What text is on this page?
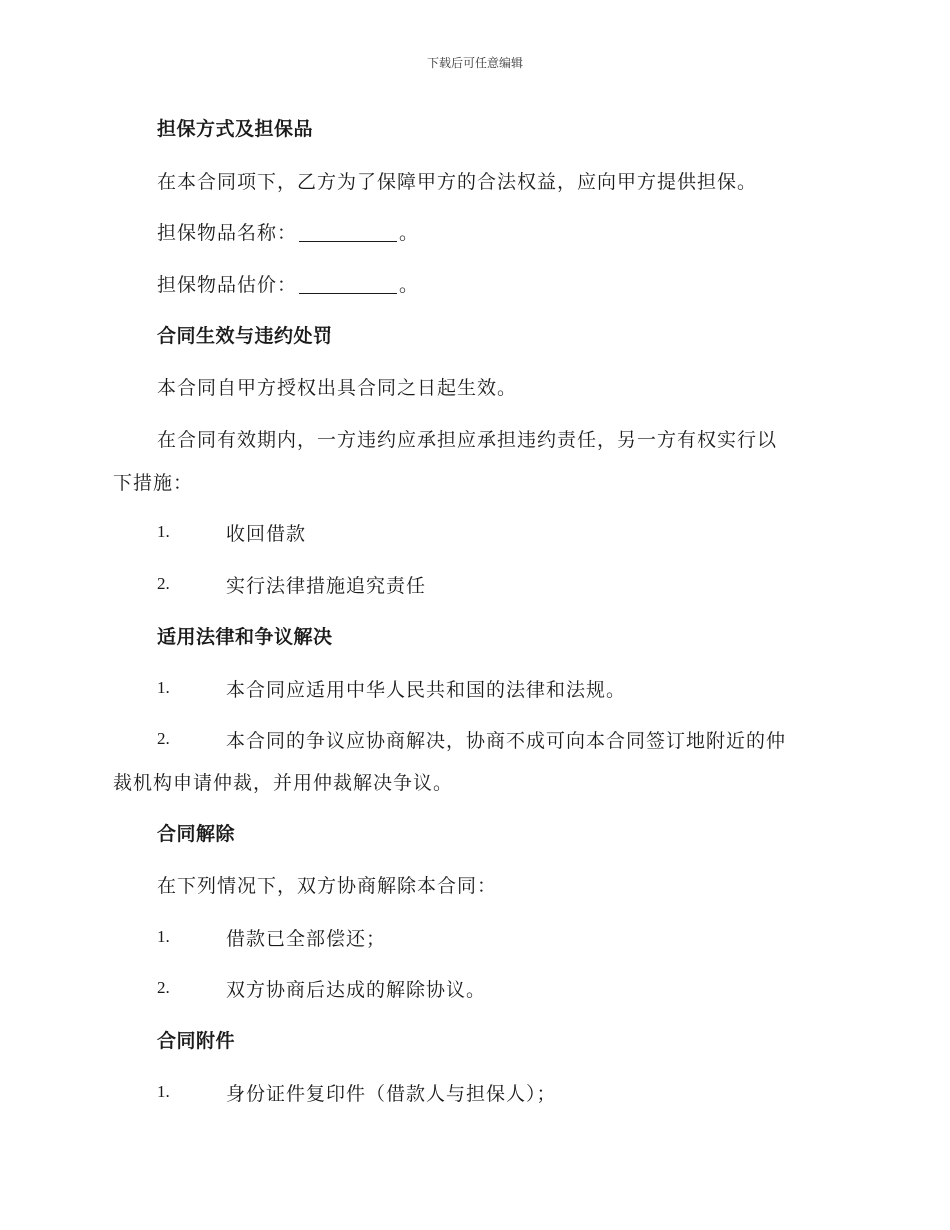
下载后可任意编辑
担保方式及担保品
在本合同项下，乙方为了保障甲方的合法权益，应向甲方提供担保。
担保物品名称：	。
担保物品估价：	。
合同生效与违约处罚
本合同自甲方授权出具合同之日起生效。
在合同有效期内，一方违约应承担应承担违约责任，另一方有权实行以
下措施：
1.	收回借款
2.	实行法律措施追究责任
适用法律和争议解决
1.	本合同应适用中华人民共和国的法律和法规。
2.	本合同的争议应协商解决，协商不成可向本合同签订地附近的仲
裁机构申请仲裁，并用仲裁解决争议。
合同解除
在下列情况下，双方协商解除本合同：
1.	借款已全部偿还；
2.	双方协商后达成的解除协议。
合同附件
1.	身份证件复印件（借款人与担保人）；
